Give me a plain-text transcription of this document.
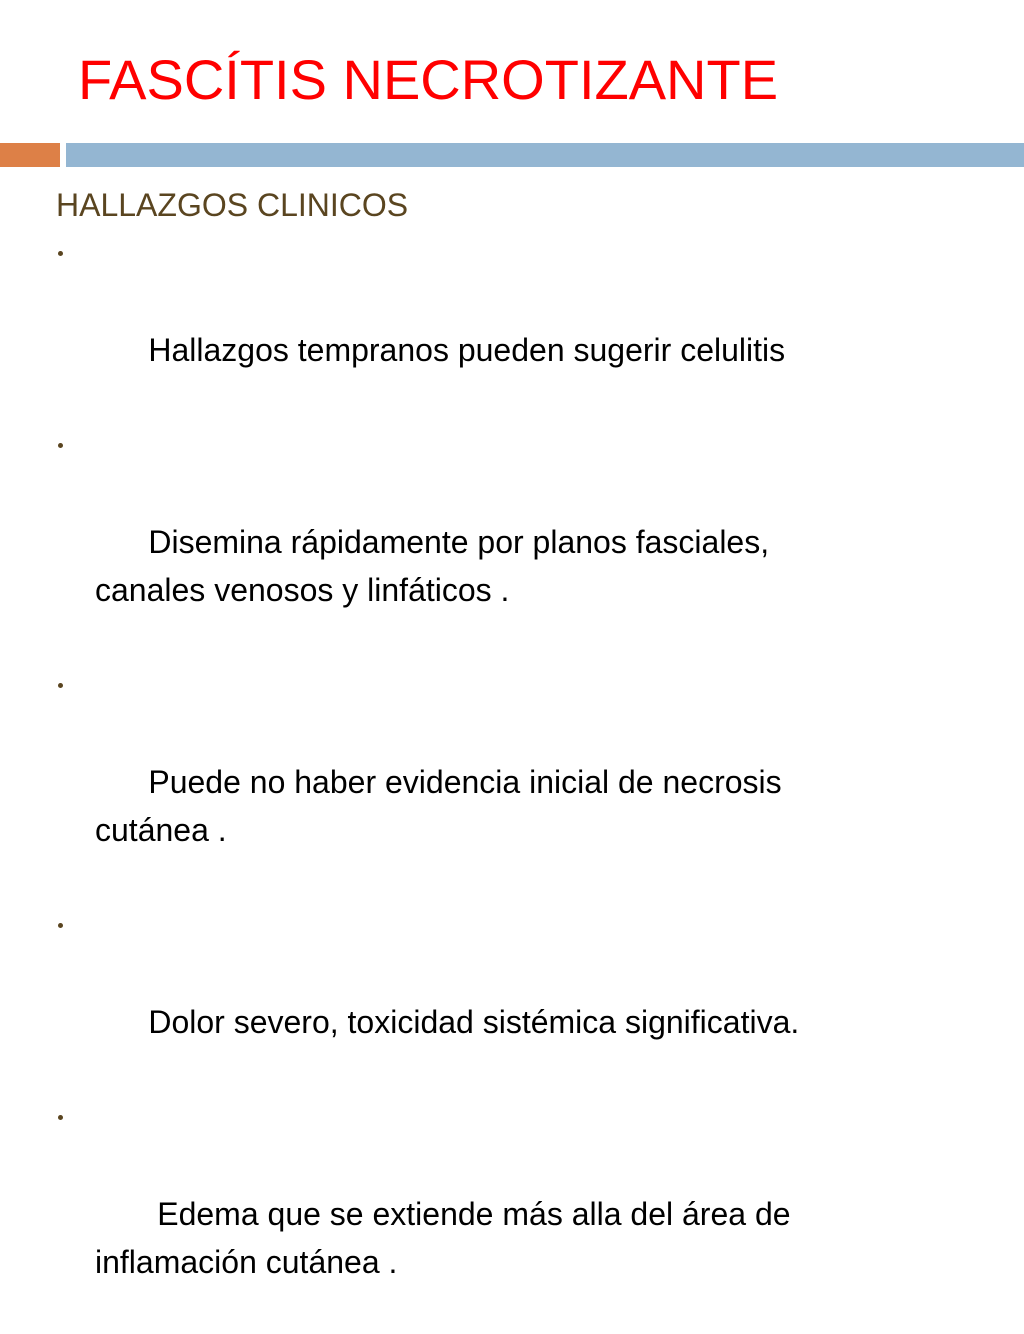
FASCÍTIS NECROTIZANTE
HALLAZGOS CLINICOS

Hallazgos tempranos pueden sugerir celulitis

Disemina rápidamente por planos fasciales,
canales venosos y linfáticos .

Puede no haber evidencia inicial de necrosis
cutánea .

Dolor severo, toxicidad sistémica significativa.

Edema que se extiende más alla del área de
inflamación cutánea .
